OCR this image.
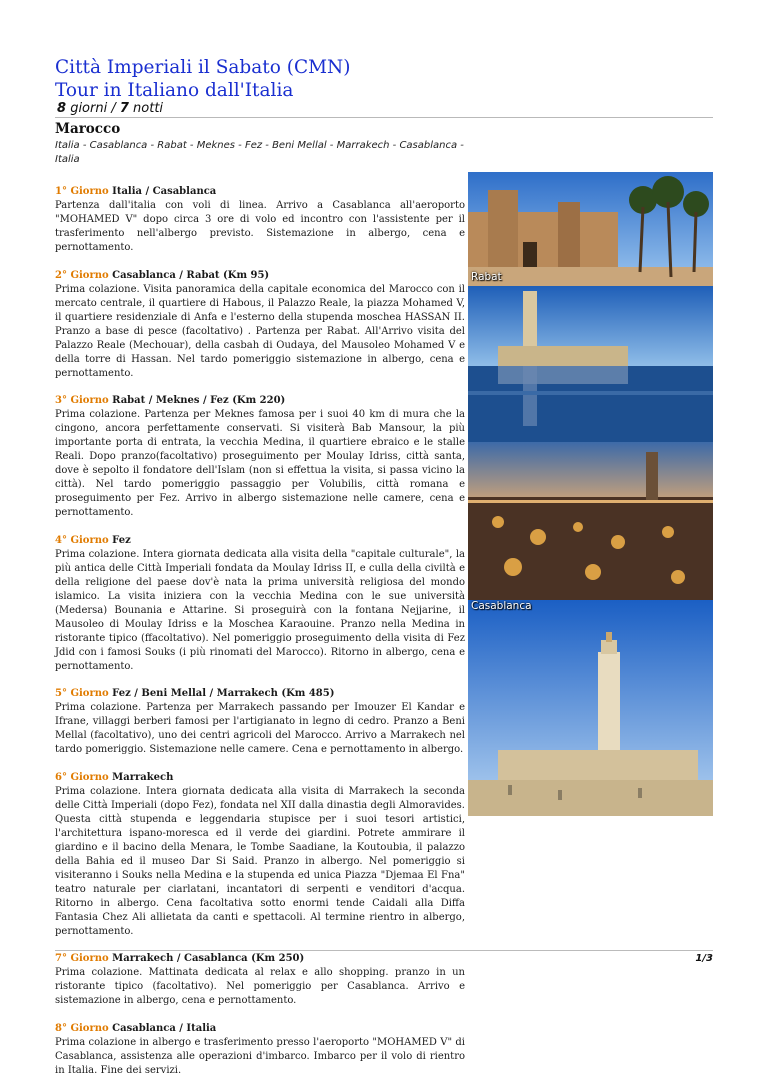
Città Imperiali il Sabato (CMN)
Tour in Italiano dall'Italia
8 giorni / 7 notti
Marocco
Italia - Casablanca - Rabat - Meknes - Fez - Beni Mellal - Marrakech - Casablanca - Italia
1° Giorno Italia / Casablanca
Partenza dall'italia con voli di linea. Arrivo a Casablanca all'aeroporto "MOHAMED V" dopo circa 3 ore di volo ed incontro con l'assistente per il trasferimento nell'albergo previsto. Sistemazione in albergo, cena e pernottamento.
2° Giorno Casablanca / Rabat (Km 95)
Prima colazione. Visita panoramica della capitale economica del Marocco con il mercato centrale, il quartiere di Habous, il Palazzo Reale, la piazza Mohamed V, il quartiere residenziale di Anfa e l'esterno della stupenda moschea HASSAN II. Pranzo a base di pesce (facoltativo) . Partenza per Rabat. All'Arrivo visita del Palazzo Reale (Mechouar), della casbah di Oudaya, del Mausoleo Mohamed V e della torre di Hassan. Nel tardo pomeriggio sistemazione in albergo, cena e pernottamento.
3° Giorno Rabat / Meknes / Fez (Km 220)
Prima colazione. Partenza per Meknes famosa per i suoi 40 km di mura che la cingono, ancora perfettamente conservati. Si visiterà Bab Mansour, la più importante porta di entrata, la vecchia Medina, il quartiere ebraico e le stalle Reali. Dopo pranzo(facoltativo) proseguimento per Moulay Idriss, città santa, dove è sepolto il fondatore dell'Islam (non si effettua la visita, si passa vicino la città). Nel tardo pomeriggio passaggio per Volubilis, città romana e proseguimento per Fez. Arrivo in albergo sistemazione nelle camere, cena e pernottamento.
4° Giorno Fez
Prima colazione. Intera giornata dedicata alla visita della "capitale culturale", la più antica delle Città Imperiali fondata da Moulay Idriss II, e culla della civiltà e della religione del paese dov'è nata la prima università religiosa del mondo islamico. La visita iniziera con la vecchia Medina con le sue università (Medersa) Bounania e Attarine. Si proseguirà con la fontana Nejjarine, il Mausoleo di Moulay Idriss e la Moschea Karaouine. Pranzo nella Medina in ristorante tipico (ffacoltativo). Nel pomeriggio proseguimento della visita di Fez Jdid con i famosi Souks (i più rinomati del Marocco). Ritorno in albergo, cena e pernottamento.
5° Giorno Fez / Beni Mellal / Marrakech (Km 485)
Prima colazione. Partenza per Marrakech passando per Imouzer El Kandar e Ifrane, villaggi berberi famosi per l'artigianato in legno di cedro. Pranzo a Beni Mellal (facoltativo), uno dei centri agricoli del Marocco. Arrivo a Marrakech nel tardo pomeriggio. Sistemazione nelle camere. Cena e pernottamento in albergo.
6° Giorno Marrakech
Prima colazione. Intera giornata dedicata alla visita di Marrakech la seconda delle Città Imperiali (dopo Fez), fondata nel XII dalla dinastia degli Almoravides. Questa città stupenda e leggendaria stupisce per i suoi tesori artistici, l'architettura ispano-moresca ed il verde dei giardini. Potrete ammirare il giardino e il bacino della Menara, le Tombe Saadiane, la Koutoubia, il palazzo della Bahia ed il museo Dar Si Said. Pranzo in albergo. Nel pomeriggio si visiteranno i Souks nella Medina e la stupenda ed unica Piazza "Djemaa El Fna" teatro naturale per ciarlatani, incantatori di serpenti e venditori d'acqua. Ritorno in albergo. Cena facoltativa sotto enormi tende Caidali alla Diffa Fantasia Chez Ali allietata da canti e spettacoli. Al termine rientro in albergo, pernottamento.
7° Giorno Marrakech / Casablanca (Km 250)
Prima colazione. Mattinata dedicata al relax e allo shopping. pranzo in un ristorante tipico (facoltativo). Nel pomeriggio per Casablanca. Arrivo e sistemazione in albergo, cena e pernottamento.
8° Giorno Casablanca / Italia
Prima colazione in albergo e trasferimento presso l'aeroporto "MOHAMED V" di Casablanca, assistenza alle operazioni d'imbarco. Imbarco per il volo di rientro in Italia. Fine dei servizi.
Rabat
Casablanca
1/3
